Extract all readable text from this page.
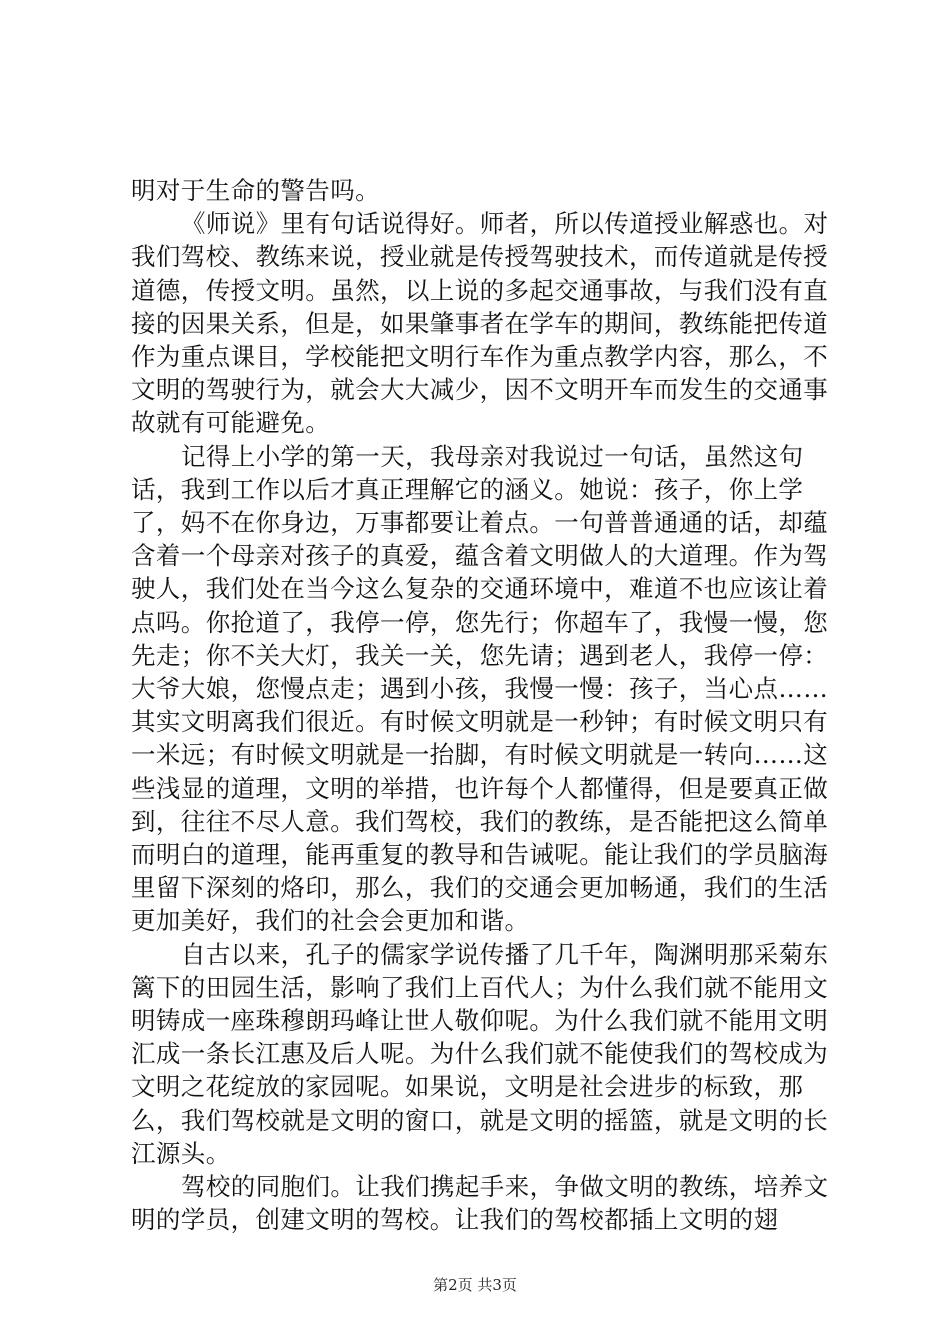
明对于生命的警告吗。

《师说》里有句话说得好。师者，所以传道授业解惑也。对我们驾校、教练来说，授业就是传授驾驶技术，而传道就是传授道德，传授文明。虽然，以上说的多起交通事故，与我们没有直接的因果关系，但是，如果肇事者在学车的期间，教练能把传道作为重点课目，学校能把文明行车作为重点教学内容，那么，不文明的驾驶行为，就会大大减少，因不文明开车而发生的交通事故就有可能避免。

记得上小学的第一天，我母亲对我说过一句话，虽然这句话，我到工作以后才真正理解它的涵义。她说：孩子，你上学了，妈不在你身边，万事都要让着点。一句普普通通的话，却蕴含着一个母亲对孩子的真爱，蕴含着文明做人的大道理。作为驾驶人，我们处在当今这么复杂的交通环境中，难道不也应该让着点吗。你抢道了，我停一停，您先行；你超车了，我慢一慢，您先走；你不关大灯，我关一关，您先请；遇到老人，我停一停：大爷大娘，您慢点走；遇到小孩，我慢一慢：孩子，当心点……其实文明离我们很近。有时候文明就是一秒钟；有时候文明只有一米远；有时候文明就是一抬脚，有时候文明就是一转向……这些浅显的道理，文明的举措，也许每个人都懂得，但是要真正做到，往往不尽人意。我们驾校，我们的教练，是否能把这么简单而明白的道理，能再重复的教导和告诫呢。能让我们的学员脑海里留下深刻的烙印，那么，我们的交通会更加畅通，我们的生活更加美好，我们的社会会更加和谐。

自古以来，孔子的儒家学说传播了几千年，陶渊明那采菊东篱下的田园生活，影响了我们上百代人；为什么我们就不能用文明铸成一座珠穆朗玛峰让世人敬仰呢。为什么我们就不能用文明汇成一条长江惠及后人呢。为什么我们就不能使我们的驾校成为文明之花绽放的家园呢。如果说，文明是社会进步的标致，那么，我们驾校就是文明的窗口，就是文明的摇篮，就是文明的长江源头。

驾校的同胞们。让我们携起手来，争做文明的教练，培养文明的学员，创建文明的驾校。让我们的驾校都插上文明的翅

第2页 共3页
